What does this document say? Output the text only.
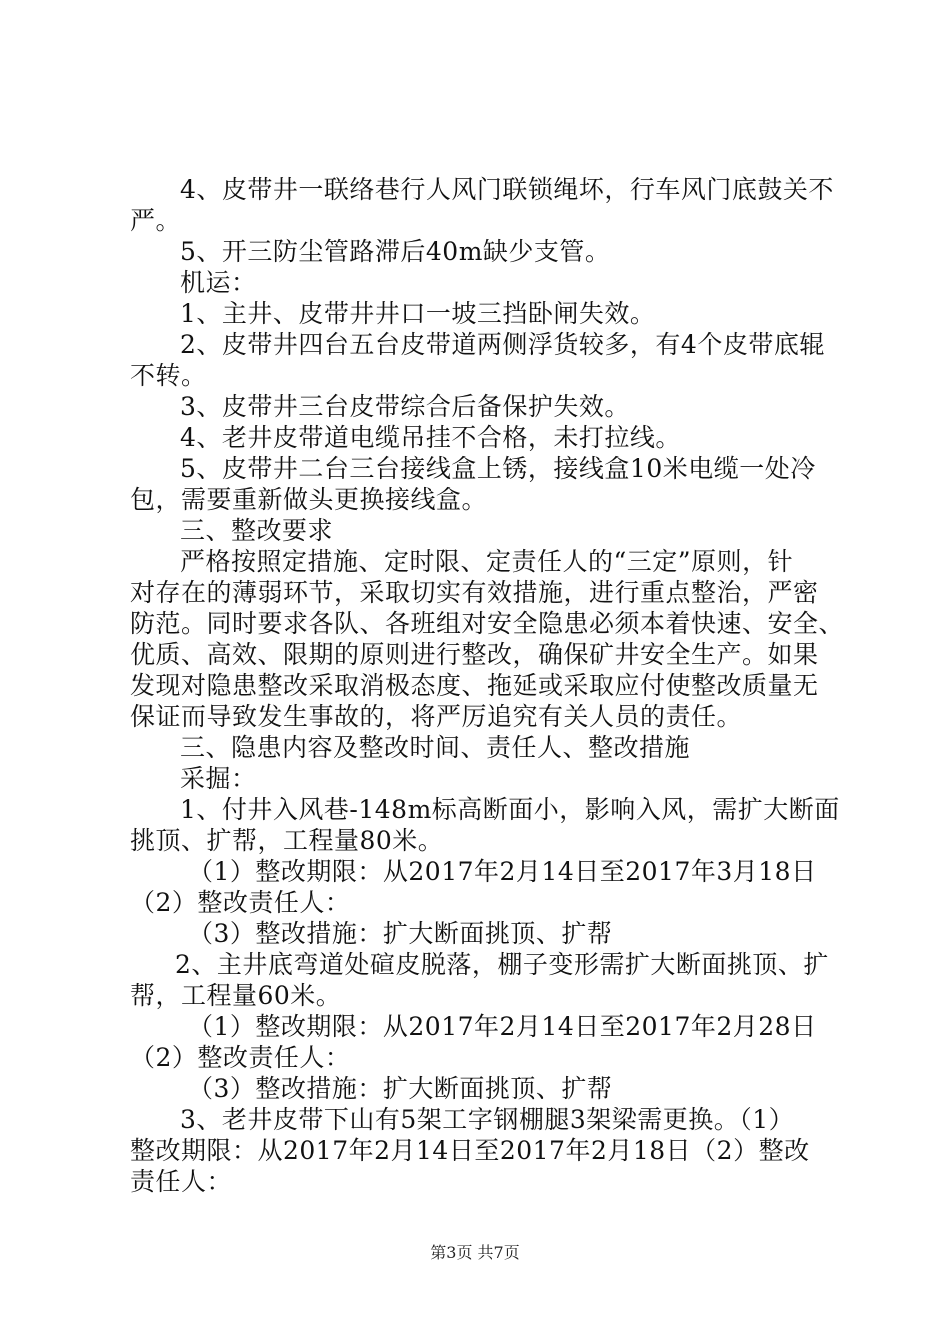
4、皮带井一联络巷行人风门联锁绳坏，行车风门底鼓关不
严。
5、开三防尘管路滞后40m缺少支管。
机运：
1、主井、皮带井井口一坡三挡卧闸失效。
2、皮带井四台五台皮带道两侧浮货较多，有4个皮带底辊
不转。
3、皮带井三台皮带综合后备保护失效。
4、老井皮带道电缆吊挂不合格，未打拉线。
5、皮带井二台三台接线盒上锈，接线盒10米电缆一处冷
包，需要重新做头更换接线盒。
三、整改要求
严格按照定措施、定时限、定责任人的“三定”原则，针
对存在的薄弱环节，采取切实有效措施，进行重点整治，严密
防范。同时要求各队、各班组对安全隐患必须本着快速、安全、
优质、高效、限期的原则进行整改，确保矿井安全生产。如果
发现对隐患整改采取消极态度、拖延或采取应付使整改质量无
保证而导致发生事故的，将严厉追究有关人员的责任。
三、隐患内容及整改时间、责任人、整改措施
采掘：
1、付井入风巷-148m标高断面小，影响入风，需扩大断面
挑顶、扩帮，工程量80米。
（1）整改期限：从2017年2月14日至2017年3月18日
（2）整改责任人：
（3）整改措施：扩大断面挑顶、扩帮
2、主井底弯道处碹皮脱落，棚子变形需扩大断面挑顶、扩
帮，工程量60米。
（1）整改期限：从2017年2月14日至2017年2月28日
（2）整改责任人：
（3）整改措施：扩大断面挑顶、扩帮
3、老井皮带下山有5架工字钢棚腿3架梁需更换。（1）
整改期限：从2017年2月14日至2017年2月18日（2）整改
责任人：
第3页 共7页
